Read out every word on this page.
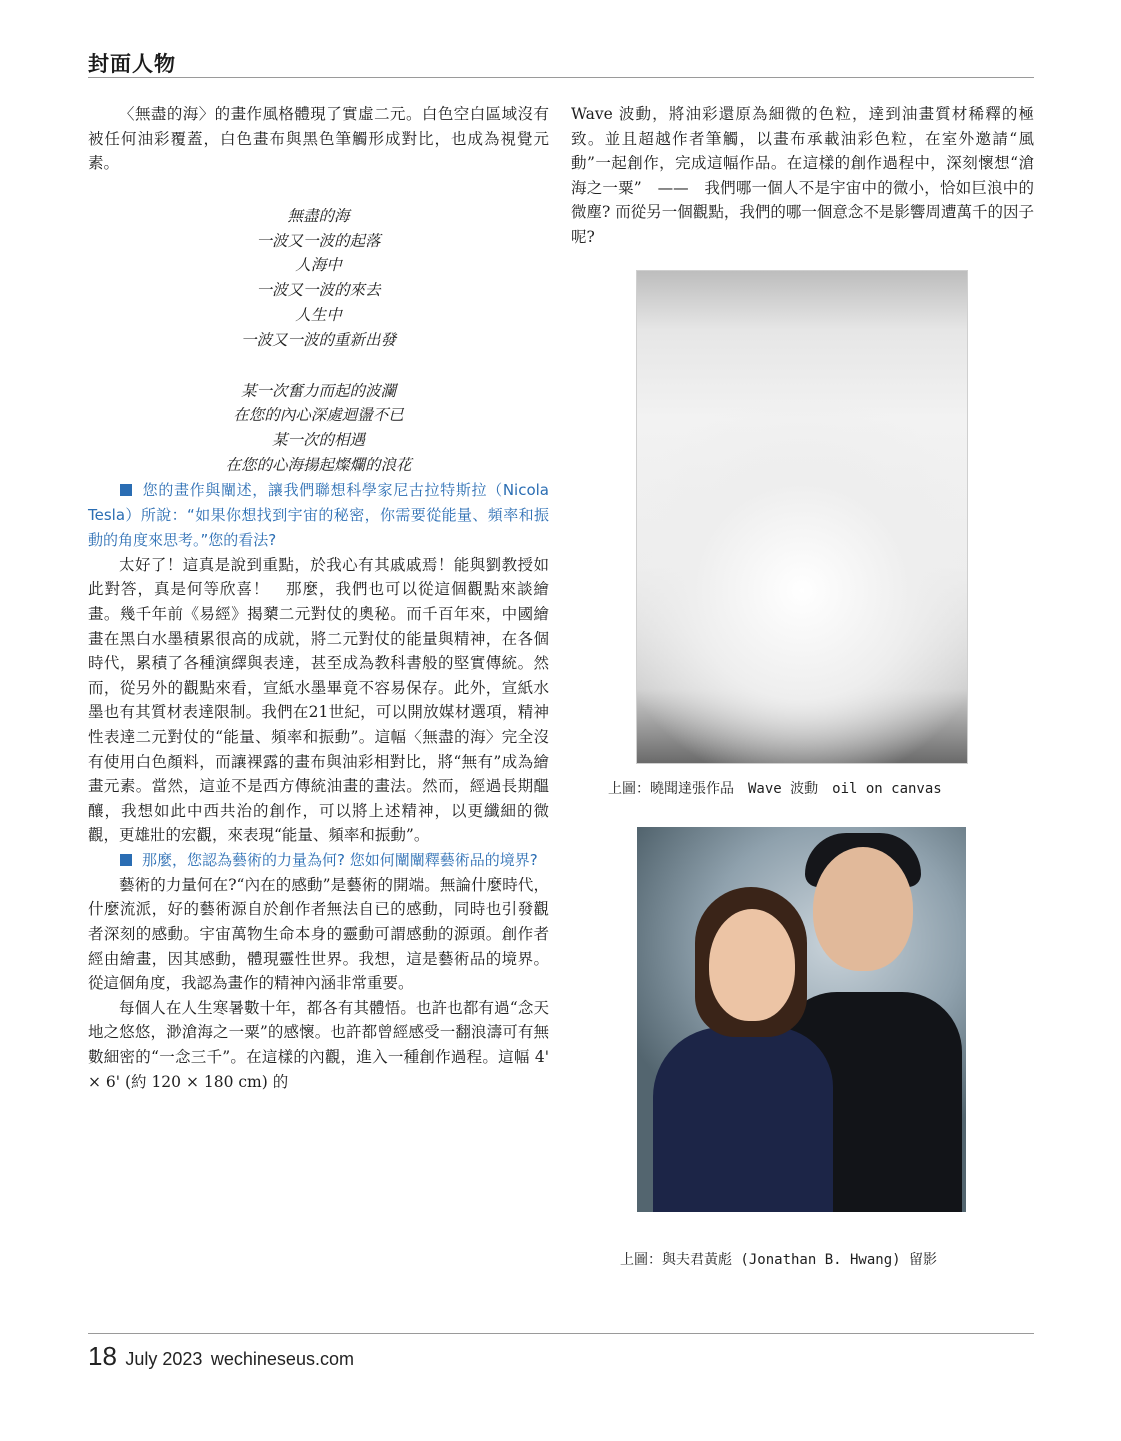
封面人物

〈無盡的海〉的畫作風格體現了實虛二元。白色空白區域沒有被任何油彩覆蓋，白色畫布與黑色筆觸形成對比，也成為視覺元素。

無盡的海
一波又一波的起落
人海中
一波又一波的來去
人生中
一波又一波的重新出發
某一次奮力而起的波瀾
在您的內心深處迴盪不已
某一次的相遇
在您的心海揚起燦爛的浪花

您的畫作與闡述，讓我們聯想科學家尼古拉特斯拉（Nicola Tesla）所說：“如果你想找到宇宙的秘密，你需要從能量、頻率和振動的角度來思考。”您的看法?

太好了！這真是說到重點，於我心有其戚戚焉！能與劉教授如此對答，真是何等欣喜！　那麼，我們也可以從這個觀點來談繪畫。幾千年前《易經》揭櫫二元對仗的奧秘。而千百年來，中國繪畫在黑白水墨積累很高的成就，將二元對仗的能量與精神，在各個時代，累積了各種演繹與表達，甚至成為教科書般的堅實傳統。然而，從另外的觀點來看，宣紙水墨畢竟不容易保存。此外，宣紙水墨也有其質材表達限制。我們在21世紀，可以開放媒材選項，精神性表達二元對仗的“能量、頻率和振動”。這幅〈無盡的海〉完全沒有使用白色顏料，而讓裸露的畫布與油彩相對比，將“無有”成為繪畫元素。當然，這並不是西方傳統油畫的畫法。然而，經過長期醞釀，我想如此中西共治的創作，可以將上述精神，以更纖細的微觀，更雄壯的宏觀，來表現“能量、頻率和振動”。

那麼，您認為藝術的力量為何? 您如何闡闡釋藝術品的境界?

藝術的力量何在?“內在的感動”是藝術的開端。無論什麼時代，什麼流派，好的藝術源自於創作者無法自已的感動，同時也引發觀者深刻的感動。宇宙萬物生命本身的靈動可謂感動的源頭。創作者經由繪畫，因其感動，體現靈性世界。我想，這是藝術品的境界。從這個角度，我認為畫作的精神內涵非常重要。

每個人在人生寒暑數十年，都各有其體悟。也許也都有過“念天地之悠悠，渺滄海之一粟”的感懷。也許都曾經感受一翻浪濤可有無數細密的“一念三千”。在這樣的內觀，進入一種創作過程。這幅 4' × 6' (約 120 × 180 cm) 的

Wave 波動，將油彩還原為細微的色粒，達到油畫質材稀釋的極致。並且超越作者筆觸，以畫布承載油彩色粒，在室外邀請“風動”一起創作，完成這幅作品。在這樣的創作過程中，深刻懷想“滄海之一粟”　——　我們哪一個人不是宇宙中的微小，恰如巨浪中的微塵? 而從另一個觀點，我們的哪一個意念不是影響周遭萬千的因子呢?

上圖：曉聞達張作品　Wave 波動　oil on canvas
上圖：與夫君黃彪 (Jonathan B. Hwang) 留影
18 July 2023 wechineseus.com
